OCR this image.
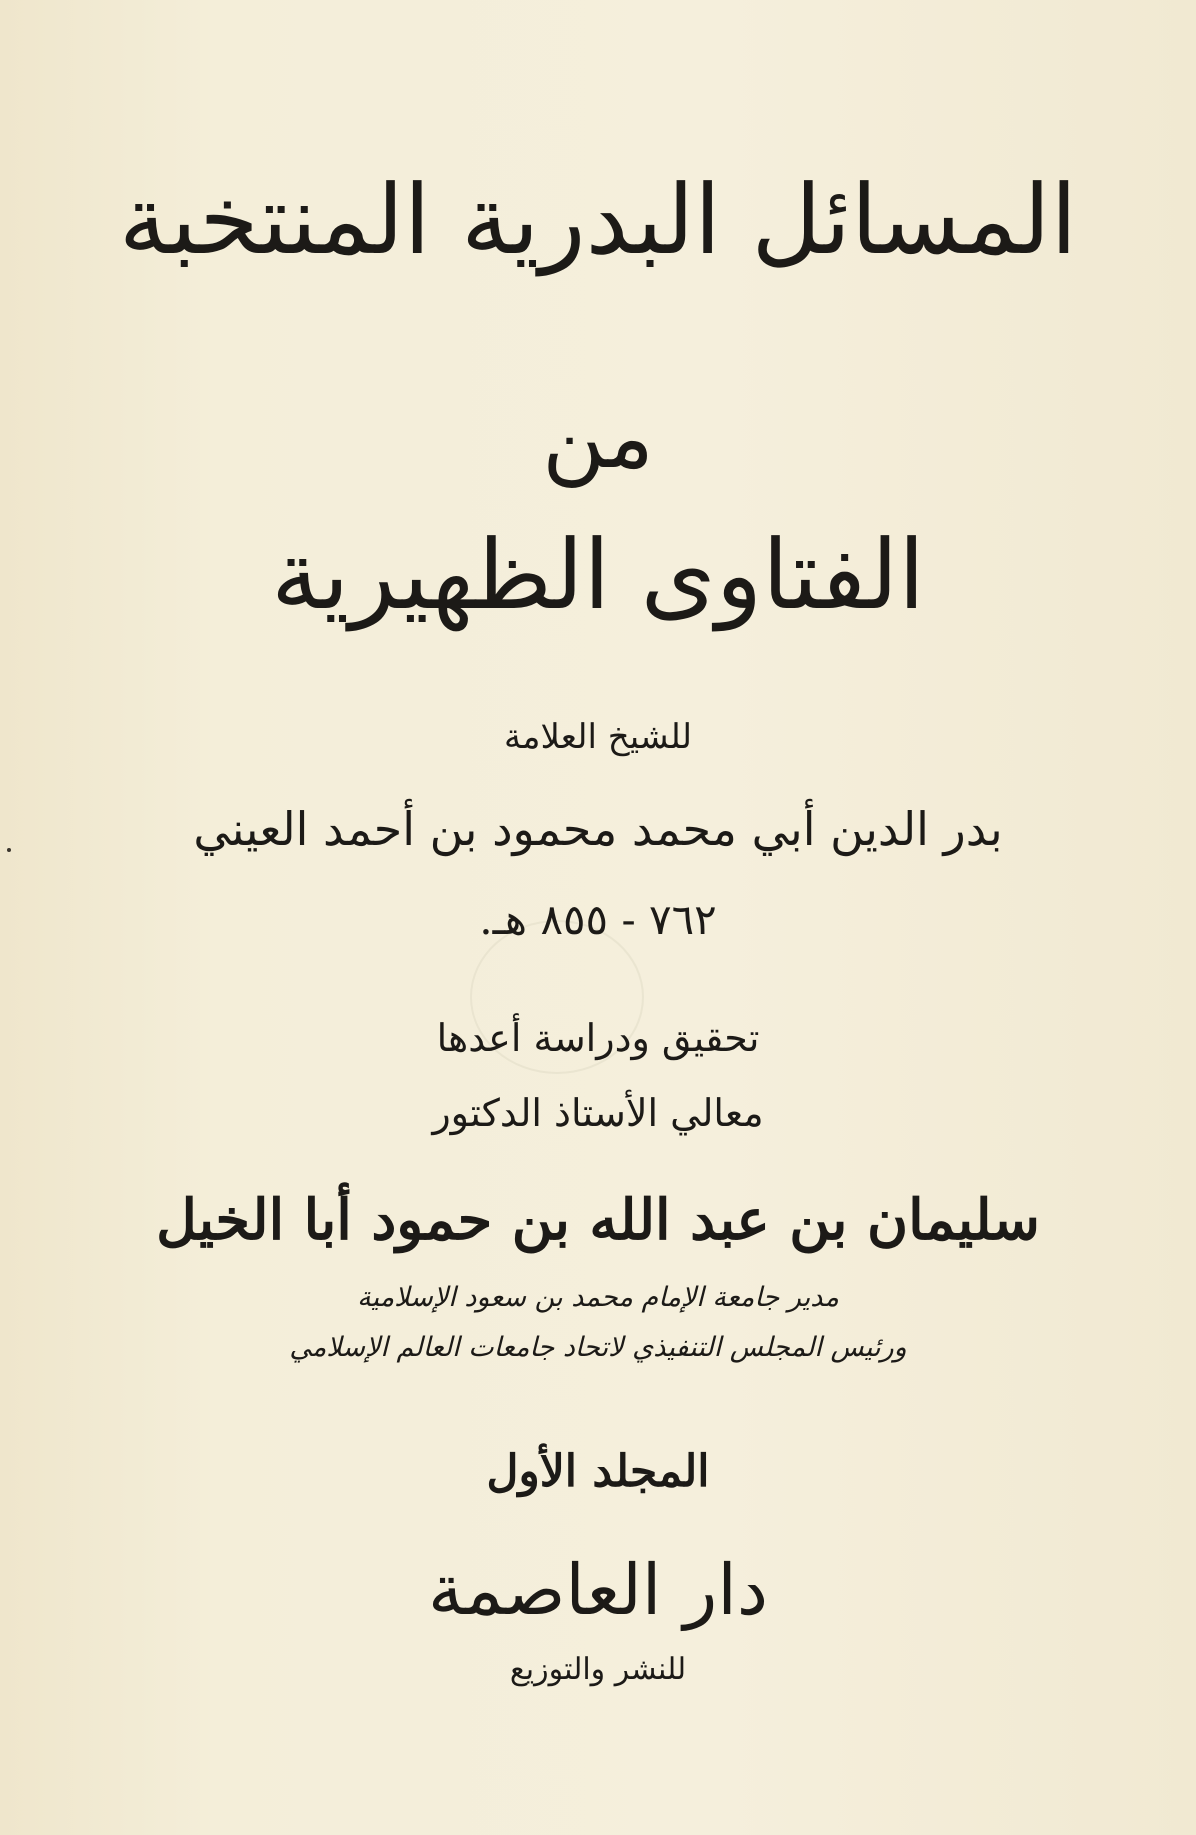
المسائل البدرية المنتخبة
من
الفتاوى الظهيرية
للشيخ العلامة
بدر الدين أبي محمد محمود بن أحمد العيني
٧٦٢ - ٨٥٥ هـ.
تحقيق ودراسة أعدها
معالي الأستاذ الدكتور
سليمان بن عبد الله بن حمود أبا الخيل
مدير جامعة الإمام محمد بن سعود الإسلامية
ورئيس المجلس التنفيذي لاتحاد جامعات العالم الإسلامي
المجلد الأول
دار العاصمة
للنشر والتوزيع
